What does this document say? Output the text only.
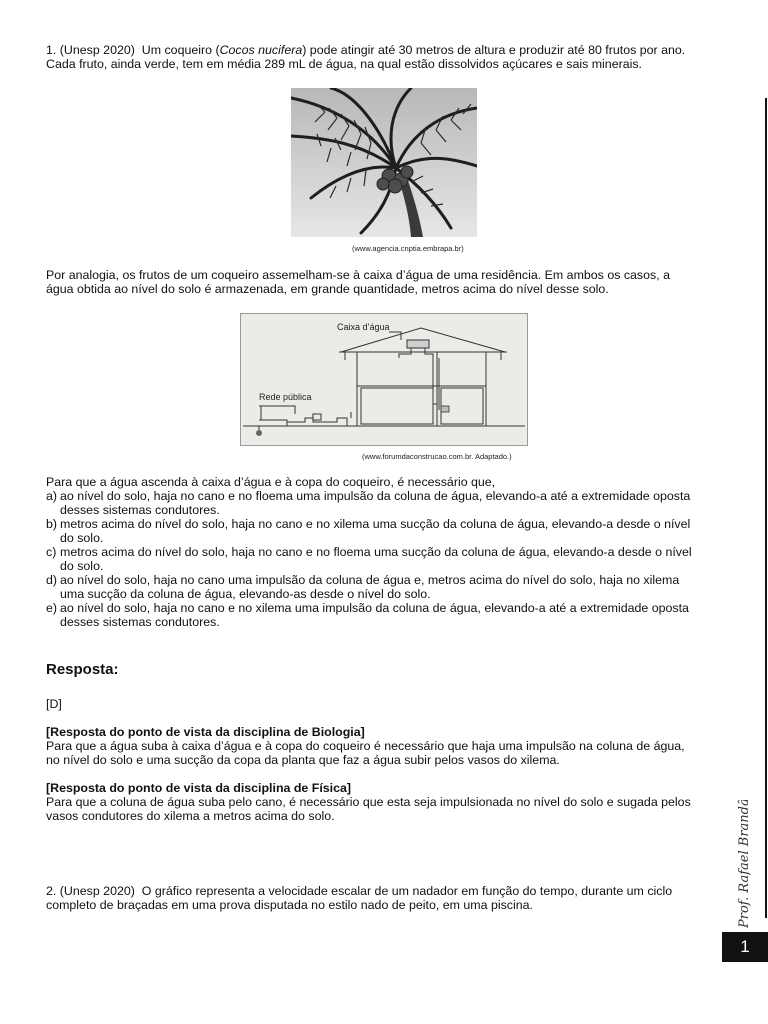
1. (Unesp 2020) Um coqueiro (Cocos nucifera) pode atingir até 30 metros de altura e produzir até 80 frutos por ano.

Cada fruto, ainda verde, tem em média 289 mL de água, na qual estão dissolvidos açúcares e sais minerais.

(www.agencia.cnptia.embrapa.br)

Por analogia, os frutos de um coqueiro assemelham-se à caixa d’água de uma residência. Em ambos os casos, a

água obtida ao nível do solo é armazenada, em grande quantidade, metros acima do nível desse solo.

Caixa d’água
Rede pública
(www.forumdaconstrucao.com.br. Adaptado.)

Para que a água ascenda à caixa d’água e à copa do coqueiro, é necessário que,

a) ao nível do solo, haja no cano e no floema uma impulsão da coluna de água, elevando-a até a extremidade oposta

desses sistemas condutores.

b) metros acima do nível do solo, haja no cano e no xilema uma sucção da coluna de água, elevando-a desde o nível

do solo.

c) metros acima do nível do solo, haja no cano e no floema uma sucção da coluna de água, elevando-a desde o nível

do solo.

d) ao nível do solo, haja no cano uma impulsão da coluna de água e, metros acima do nível do solo, haja no xilema

uma sucção da coluna de água, elevando-as desde o nível do solo.

e) ao nível do solo, haja no cano e no xilema uma impulsão da coluna de água, elevando-a até a extremidade oposta

desses sistemas condutores.

Resposta:
[D]

[Resposta do ponto de vista da disciplina de Biologia]

Para que a água suba à caixa d’água e à copa do coqueiro é necessário que haja uma impulsão na coluna de água,

no nível do solo e uma sucção da copa da planta que faz a água subir pelos vasos do xilema.

[Resposta do ponto de vista da disciplina de Física]

Para que a coluna de água suba pelo cano, é necessário que esta seja impulsionada no nível do solo e sugada pelos

vasos condutores do xilema a metros acima do solo.

2. (Unesp 2020) O gráfico representa a velocidade escalar de um nadador em função do tempo, durante um ciclo

completo de braçadas em uma prova disputada no estilo nado de peito, em uma piscina.	Prof. Rafael Brandão
1
